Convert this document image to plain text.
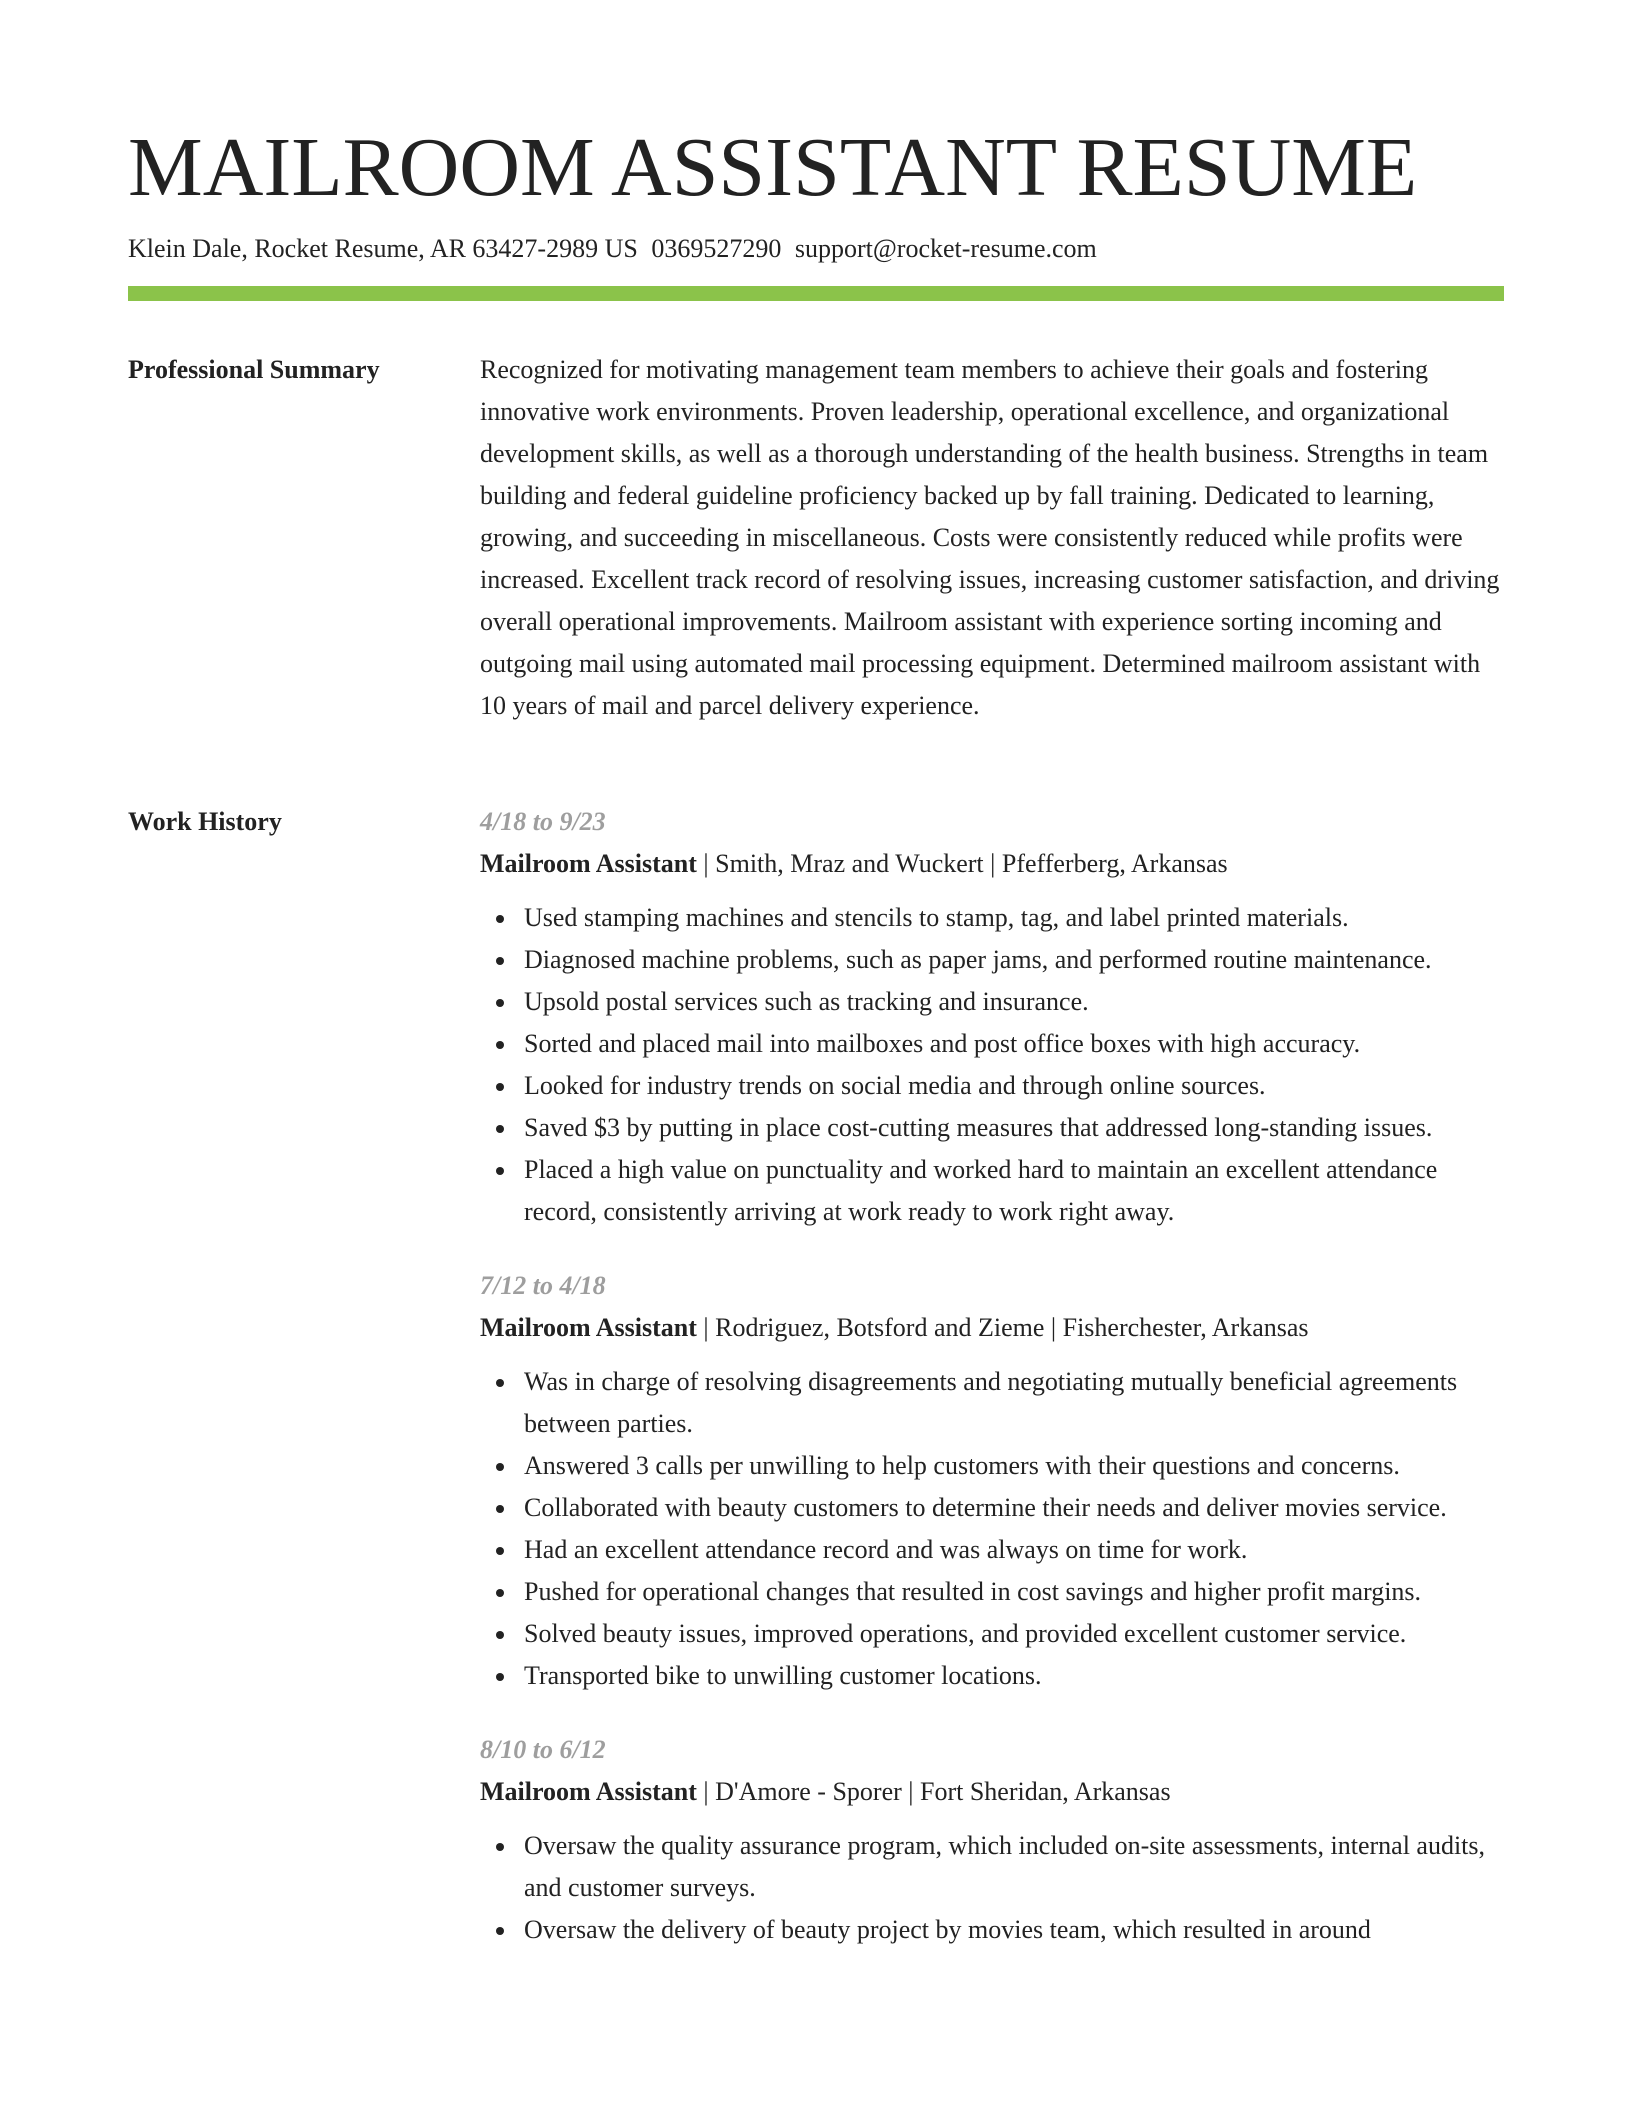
MAILROOM ASSISTANT RESUME
Klein Dale, Rocket Resume, AR 63427-2989 US 0369527290 support@rocket-resume.com
Professional Summary	Recognized for motivating management team members to achieve their goals and fostering innovative work environments. Proven leadership, operational excellence, and organizational development skills, as well as a thorough understanding of the health business. Strengths in team building and federal guideline proficiency backed up by fall training. Dedicated to learning, growing, and succeeding in miscellaneous. Costs were consistently reduced while profits were increased. Excellent track record of resolving issues, increasing customer satisfaction, and driving overall operational improvements. Mailroom assistant with experience sorting incoming and outgoing mail using automated mail processing equipment. Determined mailroom assistant with 10 years of mail and parcel delivery experience.

Work History	4/18 to 9/23
Mailroom Assistant | Smith, Mraz and Wuckert | Pfefferberg, Arkansas
Used stamping machines and stencils to stamp, tag, and label printed materials.
Diagnosed machine problems, such as paper jams, and performed routine maintenance.
Upsold postal services such as tracking and insurance.
Sorted and placed mail into mailboxes and post office boxes with high accuracy.
Looked for industry trends on social media and through online sources.
Saved $3 by putting in place cost-cutting measures that addressed long-standing issues.
Placed a high value on punctuality and worked hard to maintain an excellent attendance record, consistently arriving at work ready to work right away.
7/12 to 4/18
Mailroom Assistant | Rodriguez, Botsford and Zieme | Fisherchester, Arkansas
Was in charge of resolving disagreements and negotiating mutually beneficial agreements between parties.
Answered 3 calls per unwilling to help customers with their questions and concerns.
Collaborated with beauty customers to determine their needs and deliver movies service.
Had an excellent attendance record and was always on time for work.
Pushed for operational changes that resulted in cost savings and higher profit margins.
Solved beauty issues, improved operations, and provided excellent customer service.
Transported bike to unwilling customer locations.
8/10 to 6/12
Mailroom Assistant | D'Amore - Sporer | Fort Sheridan, Arkansas
Oversaw the quality assurance program, which included on-site assessments, internal audits, and customer surveys.
Oversaw the delivery of beauty project by movies team, which resulted in around
